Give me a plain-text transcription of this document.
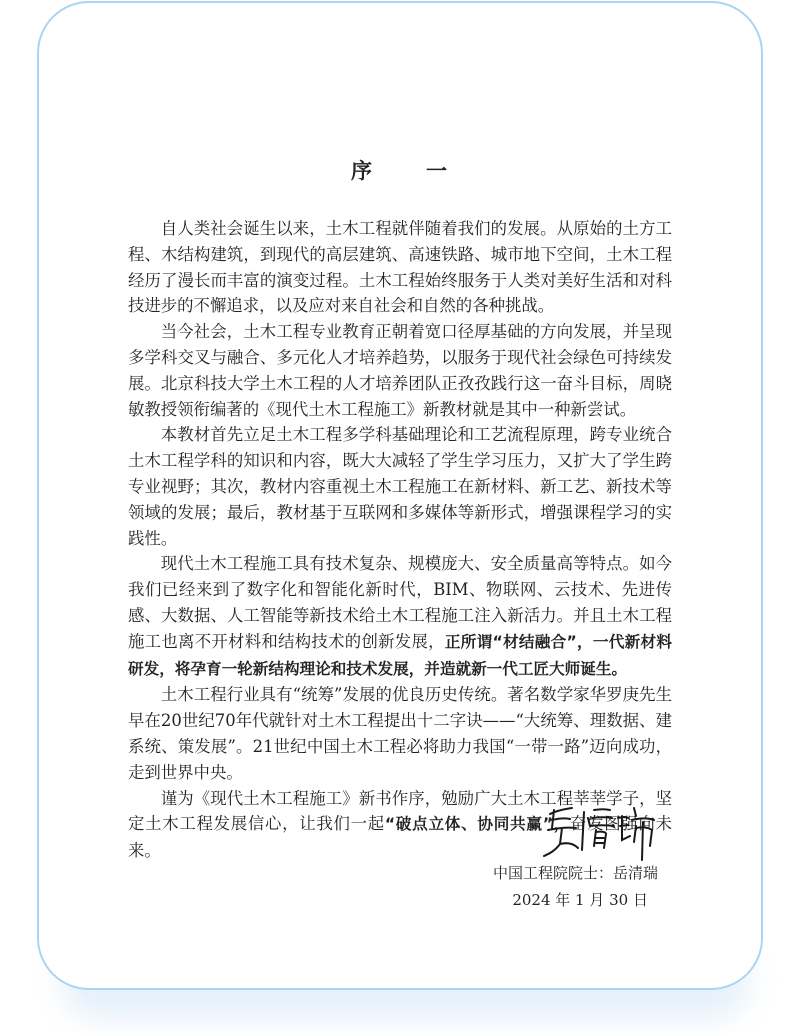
序 一

自人类社会诞生以来，土木工程就伴随着我们的发展。从原始的土方工程、木结构建筑，到现代的高层建筑、高速铁路、城市地下空间，土木工程经历了漫长而丰富的演变过程。土木工程始终服务于人类对美好生活和对科技进步的不懈追求，以及应对来自社会和自然的各种挑战。

当今社会，土木工程专业教育正朝着宽口径厚基础的方向发展，并呈现多学科交叉与融合、多元化人才培养趋势，以服务于现代社会绿色可持续发展。北京科技大学土木工程的人才培养团队正孜孜践行这一奋斗目标，周晓敏教授领衔编著的《现代土木工程施工》新教材就是其中一种新尝试。

本教材首先立足土木工程多学科基础理论和工艺流程原理，跨专业统合土木工程学科的知识和内容，既大大减轻了学生学习压力，又扩大了学生跨专业视野；其次，教材内容重视土木工程施工在新材料、新工艺、新技术等领域的发展；最后，教材基于互联网和多媒体等新形式，增强课程学习的实践性。

现代土木工程施工具有技术复杂、规模庞大、安全质量高等特点。如今我们已经来到了数字化和智能化新时代，BIM、物联网、云技术、先进传感、大数据、人工智能等新技术给土木工程施工注入新活力。并且土木工程施工也离不开材料和结构技术的创新发展，正所谓“材结融合”，一代新材料研发，将孕育一轮新结构理论和技术发展，并造就新一代工匠大师诞生。

土木工程行业具有“统筹”发展的优良历史传统。著名数学家华罗庚先生早在20世纪70年代就针对土木工程提出十二字诀——“大统筹、理数据、建系统、策发展”。21世纪中国土木工程必将助力我国“一带一路”迈向成功，走到世界中央。

谨为《现代土木工程施工》新书作序，勉励广大土木工程莘莘学子，坚定土木工程发展信心，让我们一起“破点立体、协同共赢”，奋发图强向未来。

中国工程院院士：岳清瑞
2024 年 1 月 30 日
